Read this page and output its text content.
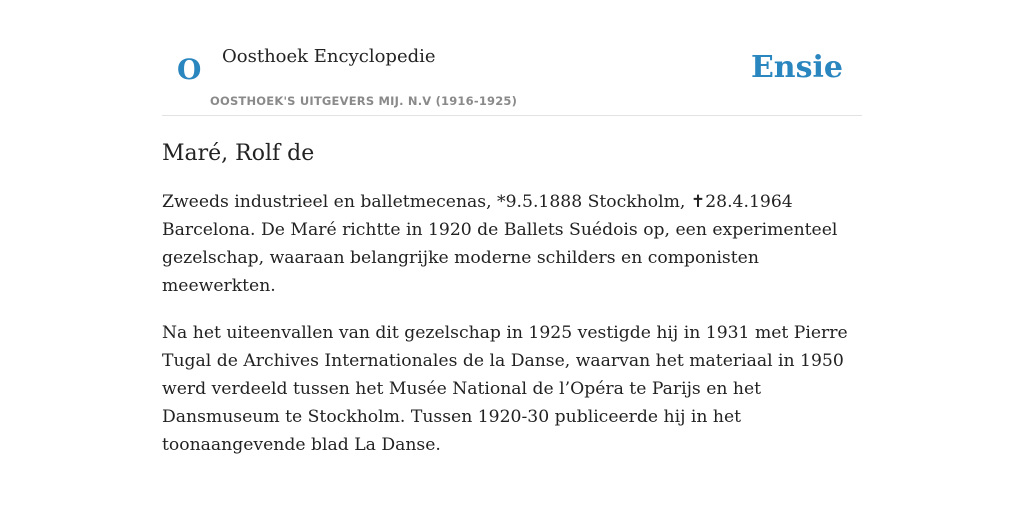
O Oosthoek Encyclopedie
OOSTHOEK'S UITGEVERS MIJ. N.V (1916-1925)
Ensie
Maré, Rolf de

Zweeds industrieel en balletmecenas, *9.5.1888 Stockholm, ✝28.4.1964 Barcelona. De Maré richtte in 1920 de Ballets Suédois op, een experimenteel gezelschap, waaraan belangrijke moderne schilders en componisten meewerkten.

Na het uiteenvallen van dit gezelschap in 1925 vestigde hij in 1931 met Pierre Tugal de Archives Internationales de la Danse, waarvan het materiaal in 1950 werd verdeeld tussen het Musée National de l’Opéra te Parijs en het Dansmuseum te Stockholm. Tussen 1920-30 publiceerde hij in het toonaangevende blad La Danse.
